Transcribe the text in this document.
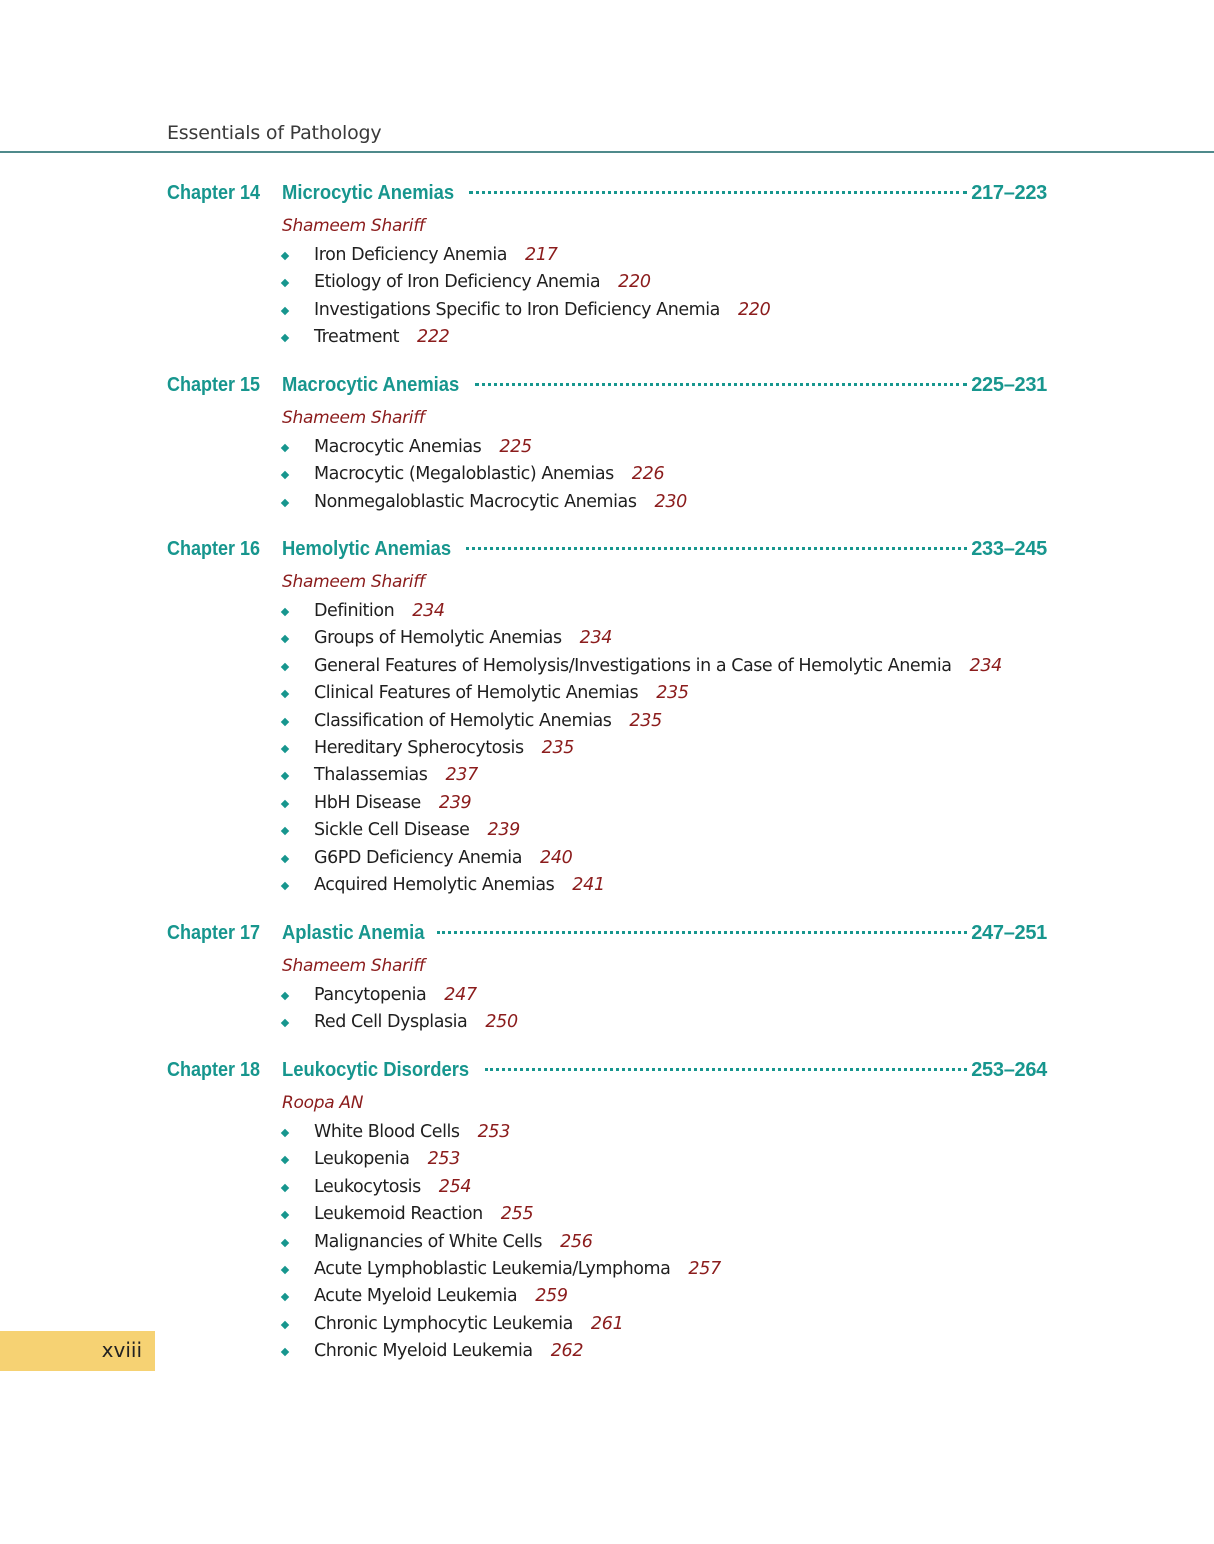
Essentials of Pathology
xviii
Chapter 14 Microcytic Anemias	217–223
Shameem Shariff
Iron Deficiency Anemia 217
Etiology of Iron Deficiency Anemia 220
Investigations Specific to Iron Deficiency Anemia 220
Treatment 222
Chapter 15 Macrocytic Anemias	225–231
Shameem Shariff
Macrocytic Anemias 225
Macrocytic (Megaloblastic) Anemias 226
Nonmegaloblastic Macrocytic Anemias 230
Chapter 16 Hemolytic Anemias	233–245
Shameem Shariff
Definition 234
Groups of Hemolytic Anemias 234
General Features of Hemolysis/Investigations in a Case of Hemolytic Anemia 234
Clinical Features of Hemolytic Anemias 235
Classification of Hemolytic Anemias 235
Hereditary Spherocytosis 235
Thalassemias 237
HbH Disease 239
Sickle Cell Disease 239
G6PD Deficiency Anemia 240
Acquired Hemolytic Anemias 241
Chapter 17 Aplastic Anemia	247–251
Shameem Shariff
Pancytopenia 247
Red Cell Dysplasia 250
Chapter 18 Leukocytic Disorders	253–264
Roopa AN
White Blood Cells 253
Leukopenia 253
Leukocytosis 254
Leukemoid Reaction 255
Malignancies of White Cells 256
Acute Lymphoblastic Leukemia/Lymphoma 257
Acute Myeloid Leukemia 259
Chronic Lymphocytic Leukemia 261
Chronic Myeloid Leukemia 262
